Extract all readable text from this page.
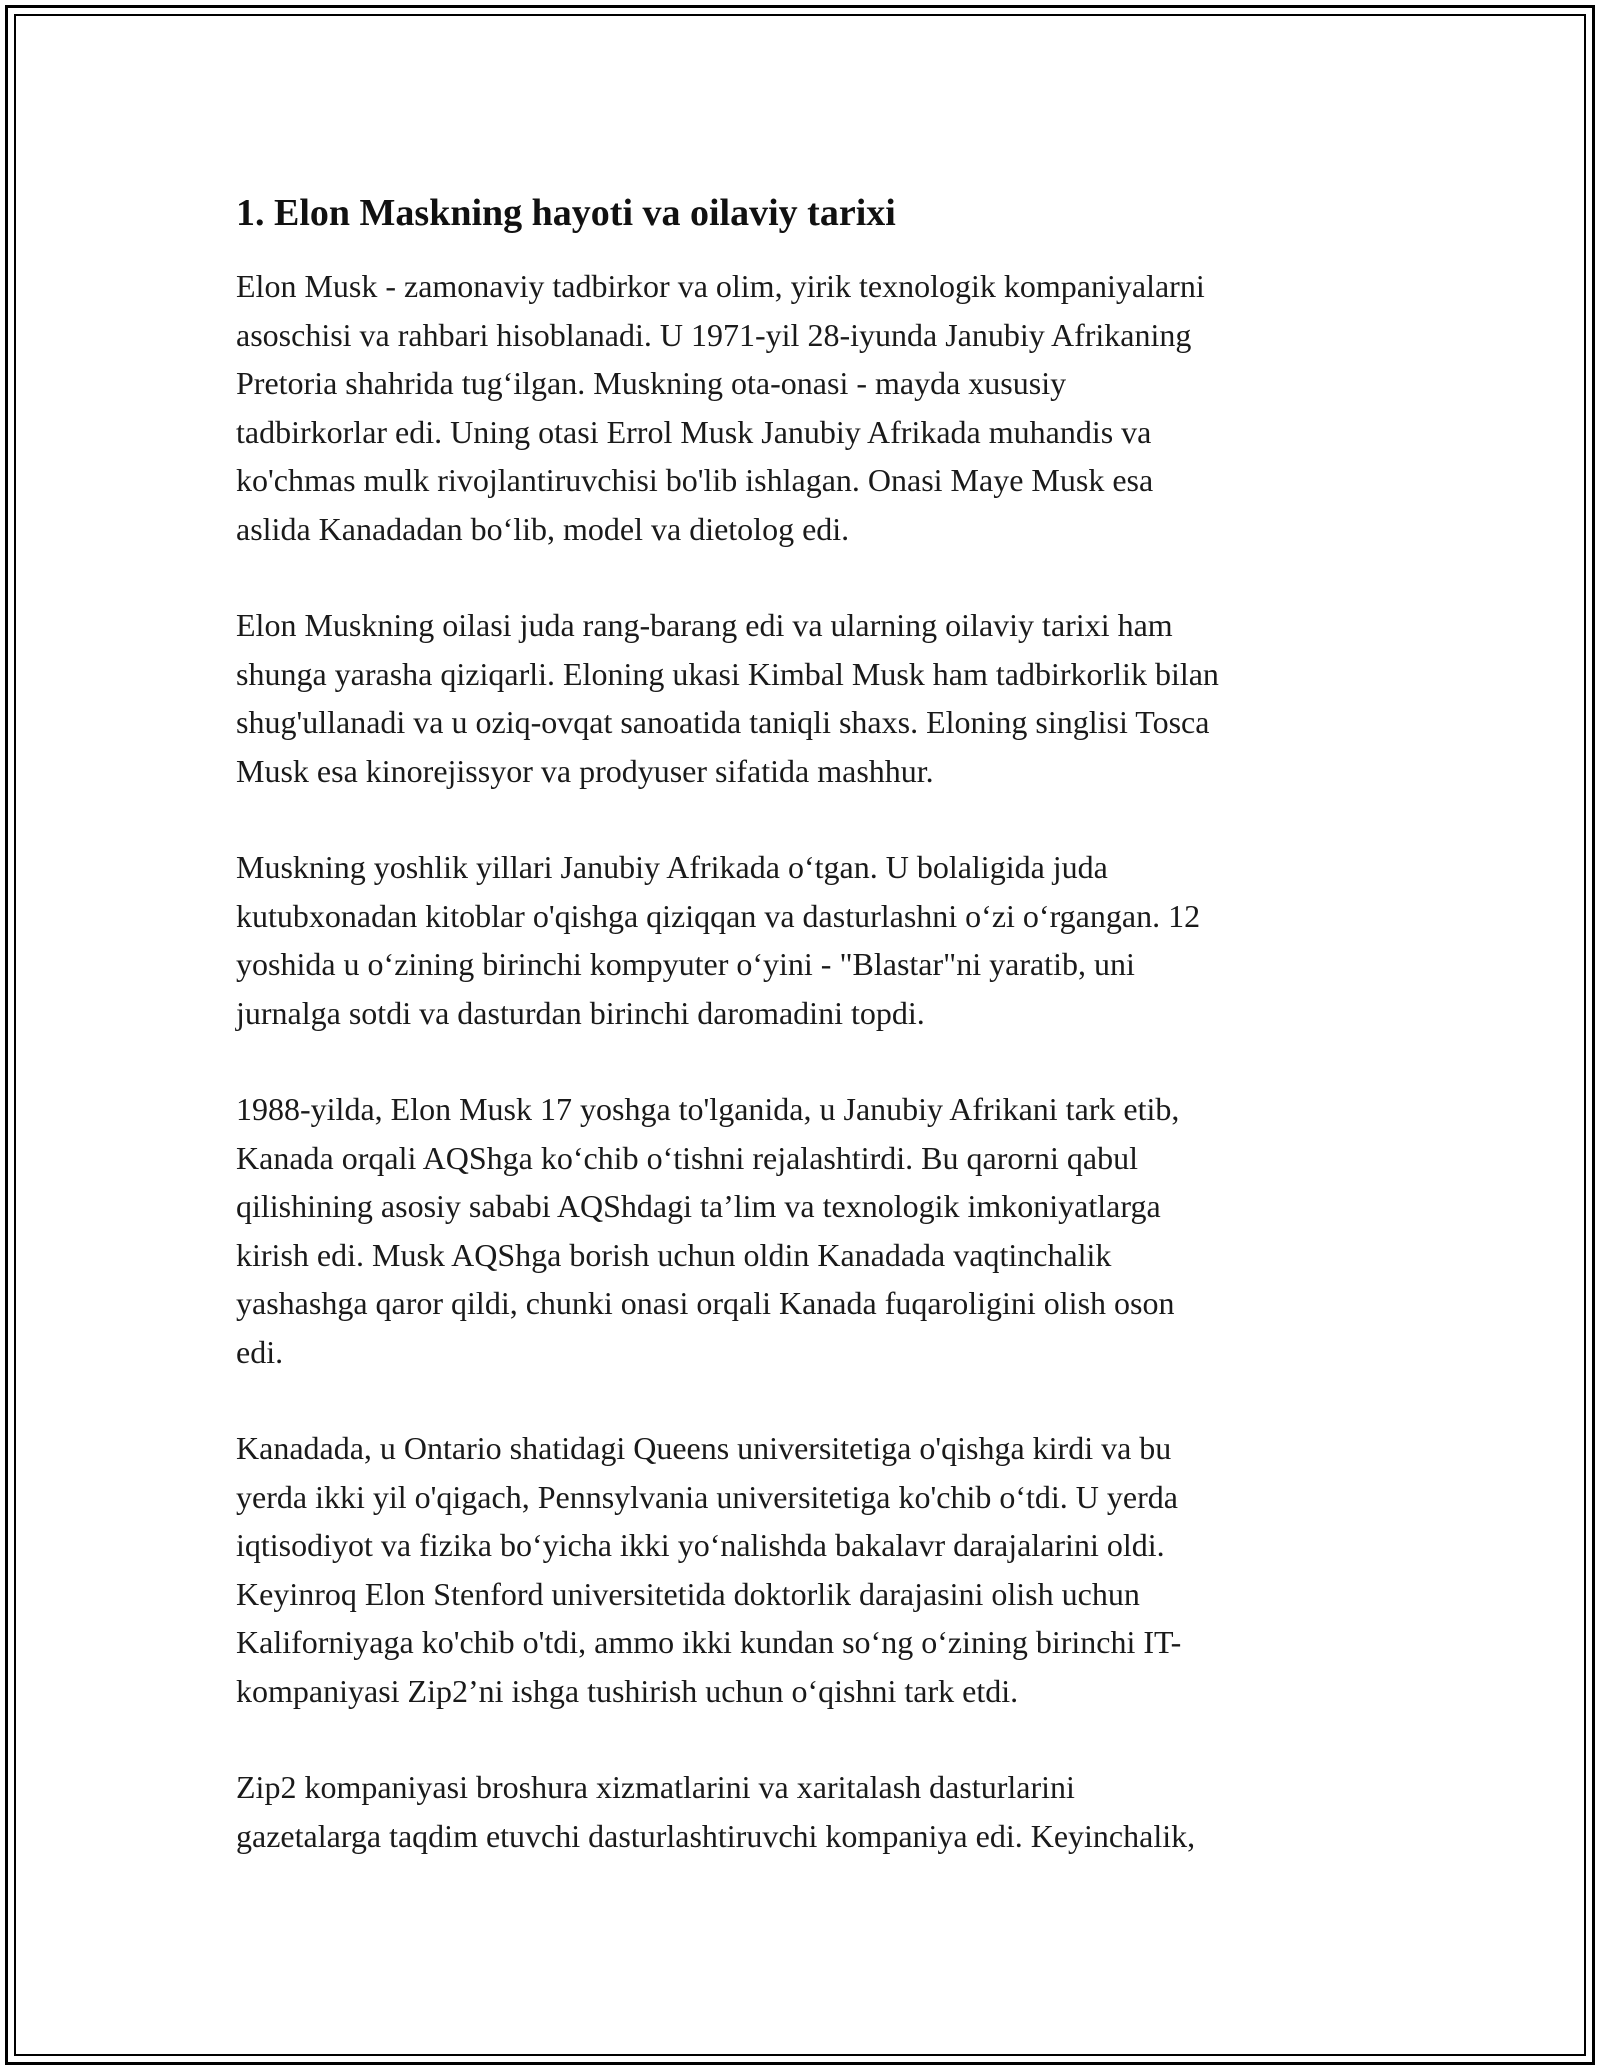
1. Elon Maskning hayoti va oilaviy tarixi
Elon Musk - zamonaviy tadbirkor va olim, yirik texnologik kompaniyalarni
asoschisi va rahbari hisoblanadi. U 1971-yil 28-iyunda Janubiy Afrikaning
Pretoria shahrida tug‘ilgan. Muskning ota-onasi - mayda xususiy
tadbirkorlar edi. Uning otasi Errol Musk Janubiy Afrikada muhandis va
ko'chmas mulk rivojlantiruvchisi bo'lib ishlagan. Onasi Maye Musk esa
aslida Kanadadan bo‘lib, model va dietolog edi.
Elon Muskning oilasi juda rang-barang edi va ularning oilaviy tarixi ham
shunga yarasha qiziqarli. Eloning ukasi Kimbal Musk ham tadbirkorlik bilan
shug'ullanadi va u oziq-ovqat sanoatida taniqli shaxs. Eloning singlisi Tosca
Musk esa kinorejissyor va prodyuser sifatida mashhur.
Muskning yoshlik yillari Janubiy Afrikada o‘tgan. U bolaligida juda
kutubxonadan kitoblar o'qishga qiziqqan va dasturlashni o‘zi o‘rgangan. 12
yoshida u o‘zining birinchi kompyuter o‘yini - "Blastar"ni yaratib, uni
jurnalga sotdi va dasturdan birinchi daromadini topdi.
1988-yilda, Elon Musk 17 yoshga to'lganida, u Janubiy Afrikani tark etib,
Kanada orqali AQShga ko‘chib o‘tishni rejalashtirdi. Bu qarorni qabul
qilishining asosiy sababi AQShdagi ta’lim va texnologik imkoniyatlarga
kirish edi. Musk AQShga borish uchun oldin Kanadada vaqtinchalik
yashashga qaror qildi, chunki onasi orqali Kanada fuqaroligini olish oson
edi.
Kanadada, u Ontario shatidagi Queens universitetiga o'qishga kirdi va bu
yerda ikki yil o'qigach, Pennsylvania universitetiga ko'chib o‘tdi. U yerda
iqtisodiyot va fizika bo‘yicha ikki yo‘nalishda bakalavr darajalarini oldi.
Keyinroq Elon Stenford universitetida doktorlik darajasini olish uchun
Kaliforniyaga ko'chib o'tdi, ammo ikki kundan so‘ng o‘zining birinchi IT-
kompaniyasi Zip2’ni ishga tushirish uchun o‘qishni tark etdi.
Zip2 kompaniyasi broshura xizmatlarini va xaritalash dasturlarini
gazetalarga taqdim etuvchi dasturlashtiruvchi kompaniya edi. Keyinchalik,
